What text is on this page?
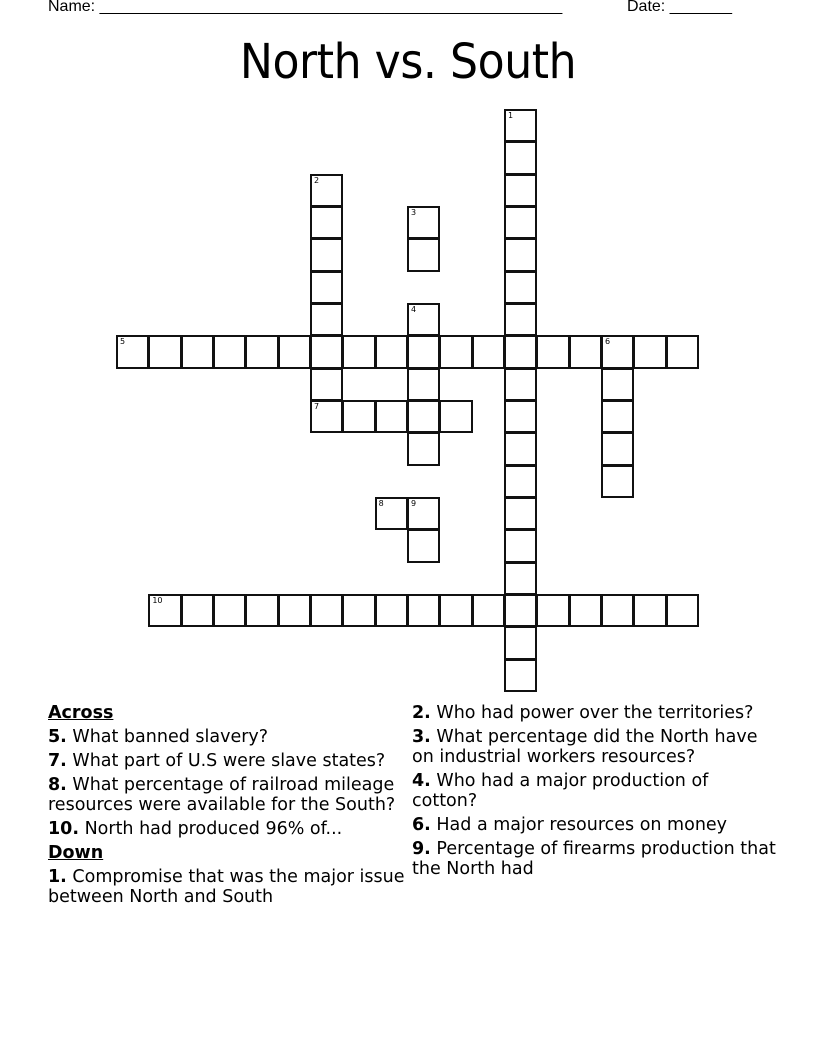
Name: ____________________________________________________	Date: _______
North vs. South
1
2
7
3
4
5	6
8	9
10
Across
5. What banned slavery?
7. What part of U.S were slave states?
8. What percentage of railroad mileage resources were available for the South?
10. North had produced 96% of...
Down
1. Compromise that was the major issue between North and South
2. Who had power over the territories?
3. What percentage did the North have on industrial workers resources?
4. Who had a major production of cotton?
6. Had a major resources on money
9. Percentage of firearms production that the North had
